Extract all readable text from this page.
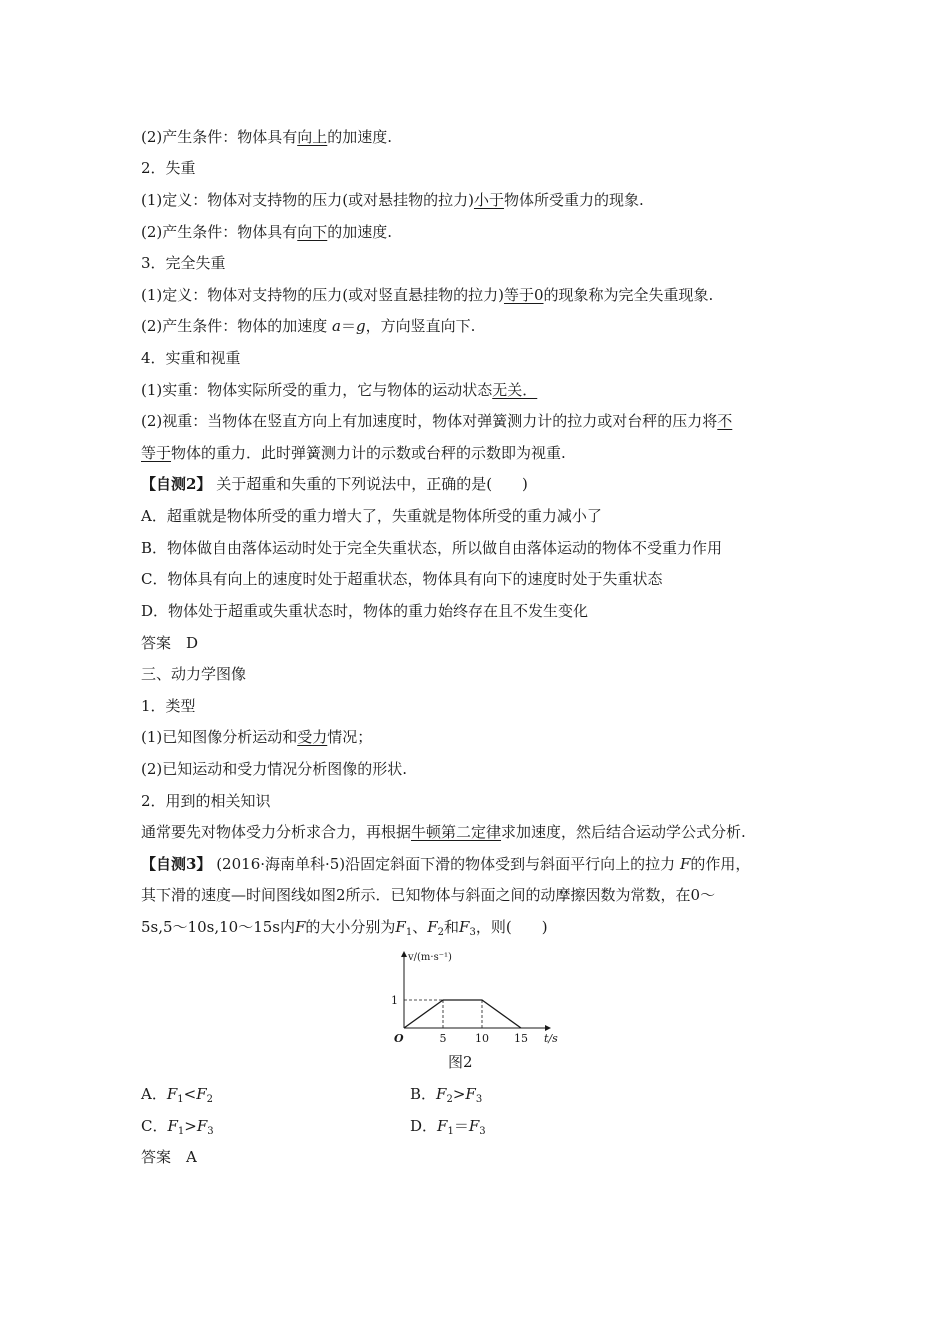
(2)产生条件：物体具有向上的加速度.
2．失重
(1)定义：物体对支持物的压力(或对悬挂物的拉力)小于物体所受重力的现象.
(2)产生条件：物体具有向下的加速度.
3．完全失重
(1)定义：物体对支持物的压力(或对竖直悬挂物的拉力)等于0的现象称为完全失重现象.
(2)产生条件：物体的加速度 a＝g，方向竖直向下.
4．实重和视重
(1)实重：物体实际所受的重力，它与物体的运动状态无关．
(2)视重：当物体在竖直方向上有加速度时，物体对弹簧测力计的拉力或对台秤的压力将不
等于物体的重力．此时弹簧测力计的示数或台秤的示数即为视重.
【自测2】 关于超重和失重的下列说法中，正确的是(　　)
A．超重就是物体所受的重力增大了，失重就是物体所受的重力减小了
B．物体做自由落体运动时处于完全失重状态，所以做自由落体运动的物体不受重力作用
C．物体具有向上的速度时处于超重状态，物体具有向下的速度时处于失重状态
D．物体处于超重或失重状态时，物体的重力始终存在且不发生变化
答案　D
三、动力学图像
1．类型
(1)已知图像分析运动和受力情况；
(2)已知运动和受力情况分析图像的形状.
2．用到的相关知识
通常要先对物体受力分析求合力，再根据牛顿第二定律求加速度，然后结合运动学公式分析.
【自测3】 (2016·海南单科·5)沿固定斜面下滑的物体受到与斜面平行向上的拉力 F的作用，
其下滑的速度—时间图线如图2所示．已知物体与斜面之间的动摩擦因数为常数，在0～
5s,5～10s,10～15s内F的大小分别为$F_1$、$F_2$和$F_3$，则(　　)
v/(m·s⁻¹)
t/s
O	5	10 15
1
图2
A．$F_1<F_2$	B．$F_2>F_3$
C．$F_1>F_3$	D．$F_1=F_3$
答案　A
